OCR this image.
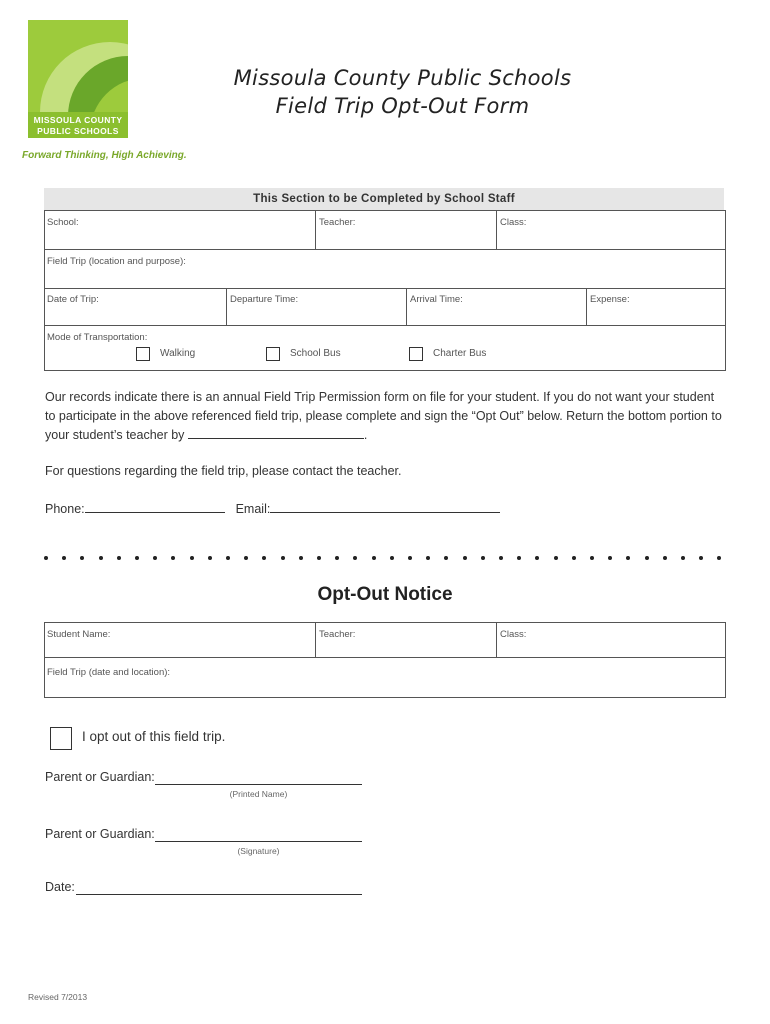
MISSOULA COUNTY
PUBLIC SCHOOLS
Forward Thinking, High Achieving.
Missoula County Public Schools
Field Trip Opt-Out Form
This Section to be Completed by School Staff
School:	Teacher:	Class:
Field Trip (location and purpose):
Date of Trip:	Departure Time:	Arrival Time:	Expense:
Mode of Transportation:
Walking	School Bus	Charter Bus
Our records indicate there is an annual Field Trip Permission form on file for your student. If you do not want your student
to participate in the above referenced field trip, please complete and sign the “Opt Out” below. Return the bottom portion to
your student’s teacher by	.
For questions regarding the field trip, please contact the teacher.
Phone:	Email:
Opt-Out Notice
Student Name:	Teacher:	Class:
Field Trip (date and location):
I opt out of this field trip.
Parent or Guardian:
(Printed Name)
Parent or Guardian:
(Signature)
Date:
Revised 7/2013
